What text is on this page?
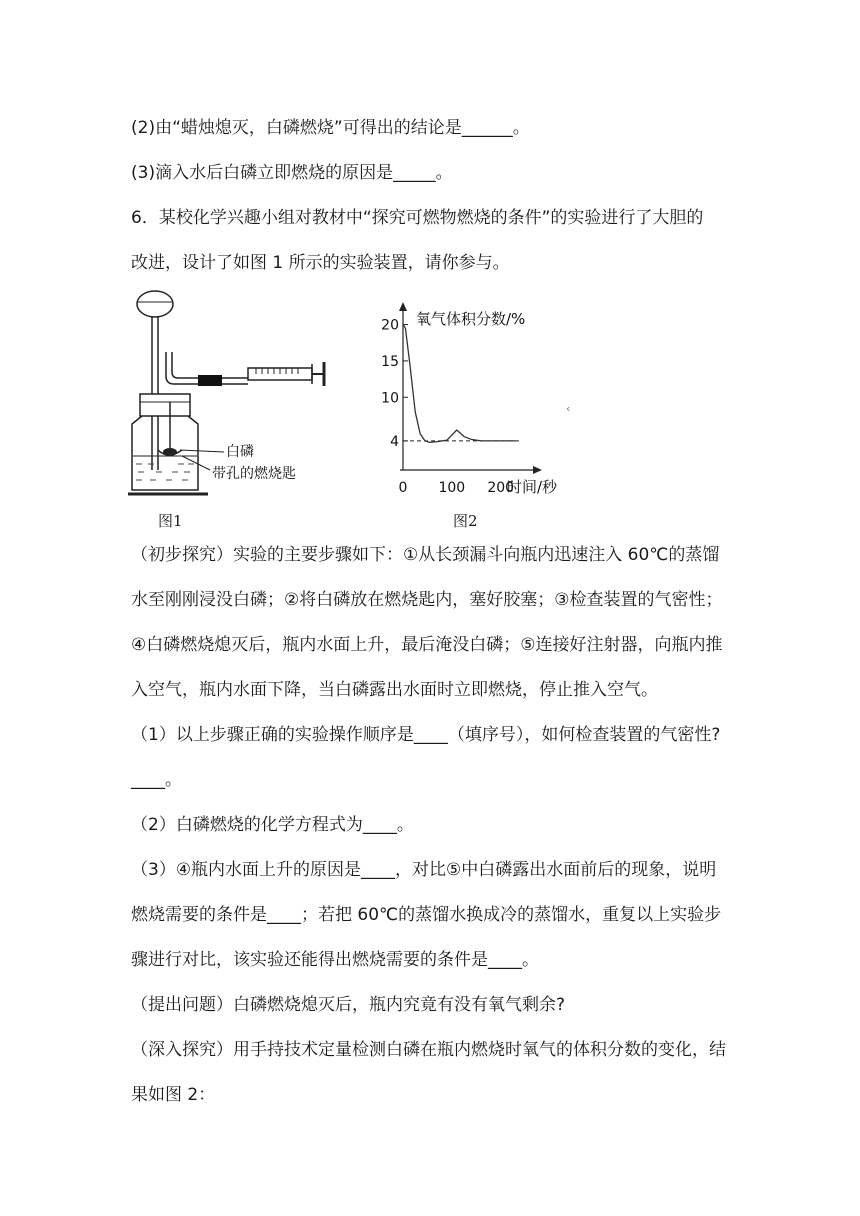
(2)由“蜡烛熄灭，白磷燃烧”可得出的结论是______。

(3)滴入水后白磷立即燃烧的原因是_____。

6．某校化学兴趣小组对教材中“探究可燃物燃烧的条件”的实验进行了大胆的

改进，设计了如图 1 所示的实验装置，请你参与。

（初步探究）实验的主要步骤如下：①从长颈漏斗向瓶内迅速注入 60℃的蒸馏

水至刚刚浸没白磷；②将白磷放在燃烧匙内，塞好胶塞；③检查装置的气密性；

④白磷燃烧熄灭后，瓶内水面上升，最后淹没白磷；⑤连接好注射器，向瓶内推

入空气，瓶内水面下降，当白磷露出水面时立即燃烧，停止推入空气。

（1）以上步骤正确的实验操作顺序是____（填序号），如何检查装置的气密性?

____。

（2）白磷燃烧的化学方程式为____。

（3）④瓶内水面上升的原因是____，对比⑤中白磷露出水面前后的现象，说明

燃烧需要的条件是____；若把 60℃的蒸馏水换成冷的蒸馏水，重复以上实验步

骤进行对比，该实验还能得出燃烧需要的条件是____。

（提出问题）白磷燃烧熄灭后，瓶内究竟有没有氧气剩余?

（深入探究）用手持技术定量检测白磷在瓶内燃烧时氧气的体积分数的变化，结

果如图 2：

白磷
带孔的燃烧匙
图1
氧气体积分数/%
时间/秒
20
15
10
4
0 100 200
‹
图2
